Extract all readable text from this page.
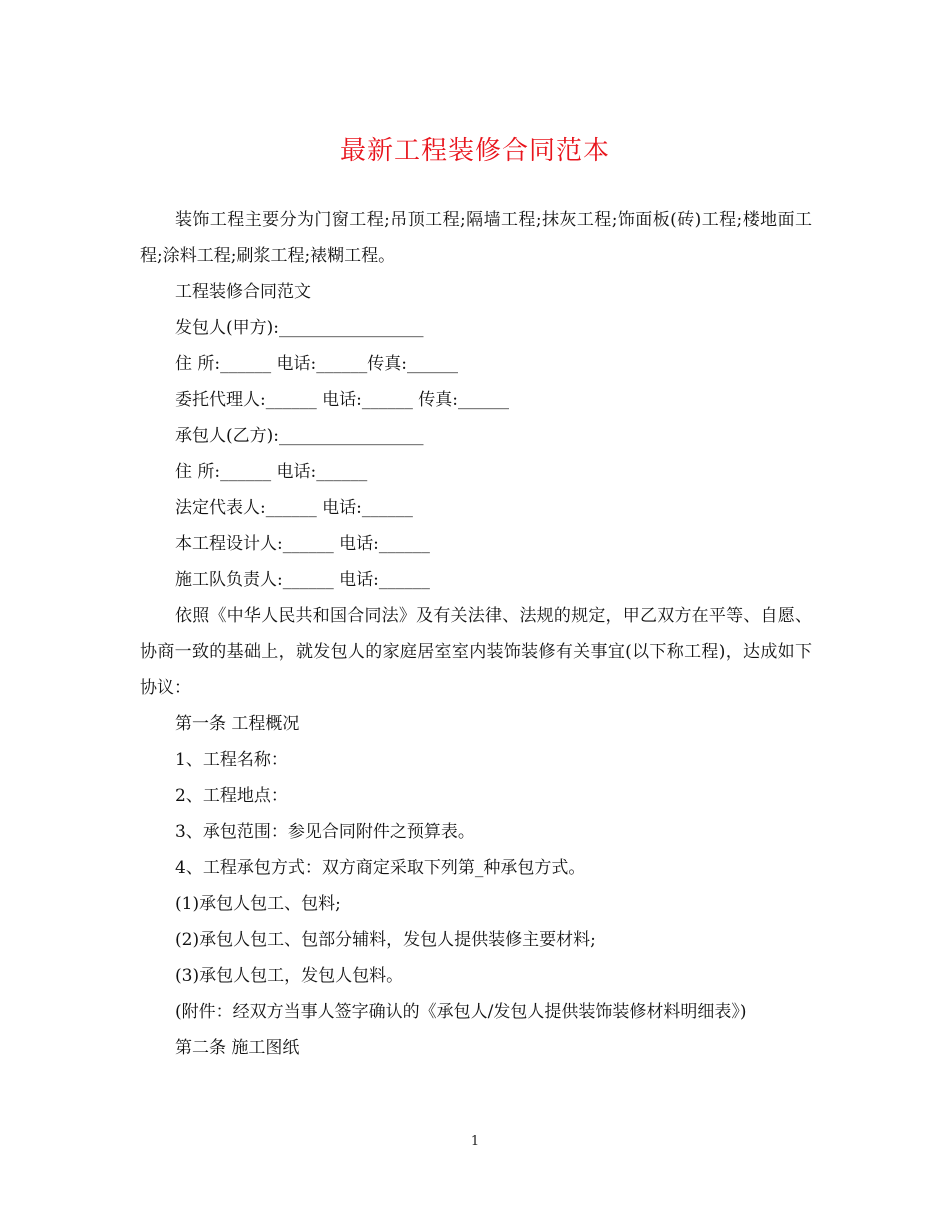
最新工程装修合同范本

装饰工程主要分为门窗工程;吊顶工程;隔墙工程;抹灰工程;饰面板(砖)工程;楼地面工程;涂料工程;刷浆工程;裱糊工程。

工程装修合同范文

发包人(甲方):_________________

住 所:______ 电话:______传真:______

委托代理人:______ 电话:______ 传真:______

承包人(乙方):_________________

住 所:______ 电话:______

法定代表人:______ 电话:______

本工程设计人:______ 电话:______

施工队负责人:______ 电话:______

依照《中华人民共和国合同法》及有关法律、法规的规定，甲乙双方在平等、自愿、协商一致的基础上，就发包人的家庭居室室内装饰装修有关事宜(以下称工程)，达成如下协议：

第一条 工程概况

1、工程名称：

2、工程地点：

3、承包范围：参见合同附件之预算表。

4、工程承包方式：双方商定采取下列第_种承包方式。

(1)承包人包工、包料;

(2)承包人包工、包部分辅料，发包人提供装修主要材料;

(3)承包人包工，发包人包料。

(附件：经双方当事人签字确认的《承包人/发包人提供装饰装修材料明细表》)

第二条 施工图纸

1
